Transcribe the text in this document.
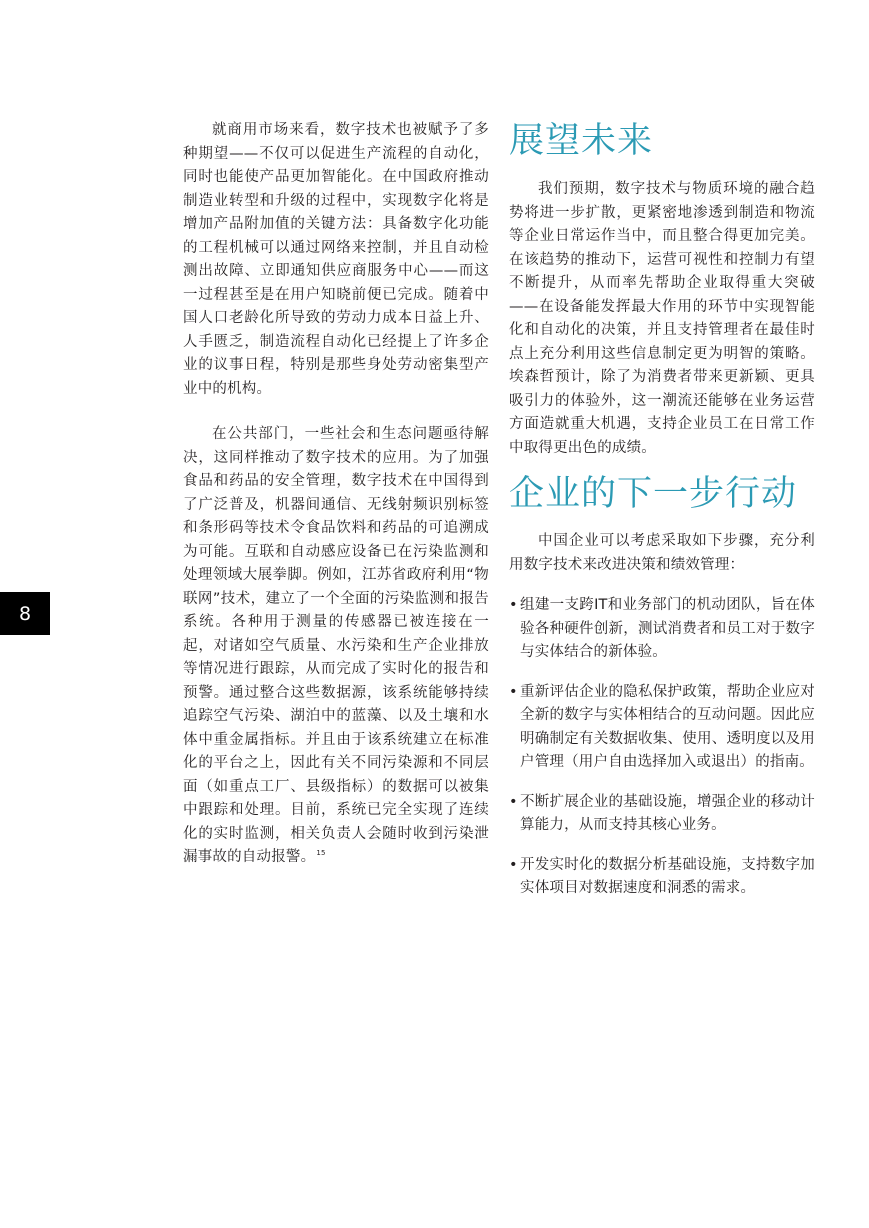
8

就商用市场来看，数字技术也被赋予了多种期望——不仅可以促进生产流程的自动化，同时也能使产品更加智能化。在中国政府推动制造业转型和升级的过程中，实现数字化将是增加产品附加值的关键方法：具备数字化功能的工程机械可以通过网络来控制，并且自动检测出故障、立即通知供应商服务中心——而这一过程甚至是在用户知晓前便已完成。随着中国人口老龄化所导致的劳动力成本日益上升、人手匮乏，制造流程自动化已经提上了许多企业的议事日程，特别是那些身处劳动密集型产业中的机构。

在公共部门，一些社会和生态问题亟待解决，这同样推动了数字技术的应用。为了加强食品和药品的安全管理，数字技术在中国得到了广泛普及，机器间通信、无线射频识别标签和条形码等技术令食品饮料和药品的可追溯成为可能。互联和自动感应设备已在污染监测和处理领域大展拳脚。例如，江苏省政府利用“物联网”技术，建立了一个全面的污染监测和报告系统。各种用于测量的传感器已被连接在一起，对诸如空气质量、水污染和生产企业排放等情况进行跟踪，从而完成了实时化的报告和预警。通过整合这些数据源，该系统能够持续追踪空气污染、湖泊中的蓝藻、以及土壤和水体中重金属指标。并且由于该系统建立在标准化的平台之上，因此有关不同污染源和不同层面（如重点工厂、县级指标）的数据可以被集中跟踪和处理。目前，系统已完全实现了连续化的实时监测，相关负责人会随时收到污染泄漏事故的自动报警。$^{15}$

展望未来

我们预期，数字技术与物质环境的融合趋势将进一步扩散，更紧密地渗透到制造和物流等企业日常运作当中，而且整合得更加完美。在该趋势的推动下，运营可视性和控制力有望不断提升，从而率先帮助企业取得重大突破——在设备能发挥最大作用的环节中实现智能化和自动化的决策，并且支持管理者在最佳时点上充分利用这些信息制定更为明智的策略。埃森哲预计，除了为消费者带来更新颖、更具吸引力的体验外，这一潮流还能够在业务运营方面造就重大机遇，支持企业员工在日常工作中取得更出色的成绩。

企业的下一步行动

中国企业可以考虑采取如下步骤，充分利用数字技术来改进决策和绩效管理：

• 组建一支跨IT和业务部门的机动团队，旨在体验各种硬件创新，测试消费者和员工对于数字与实体结合的新体验。
• 重新评估企业的隐私保护政策，帮助企业应对全新的数字与实体相结合的互动问题。因此应明确制定有关数据收集、使用、透明度以及用户管理（用户自由选择加入或退出）的指南。
• 不断扩展企业的基础设施，增强企业的移动计算能力，从而支持其核心业务。
• 开发实时化的数据分析基础设施，支持数字加实体项目对数据速度和洞悉的需求。
